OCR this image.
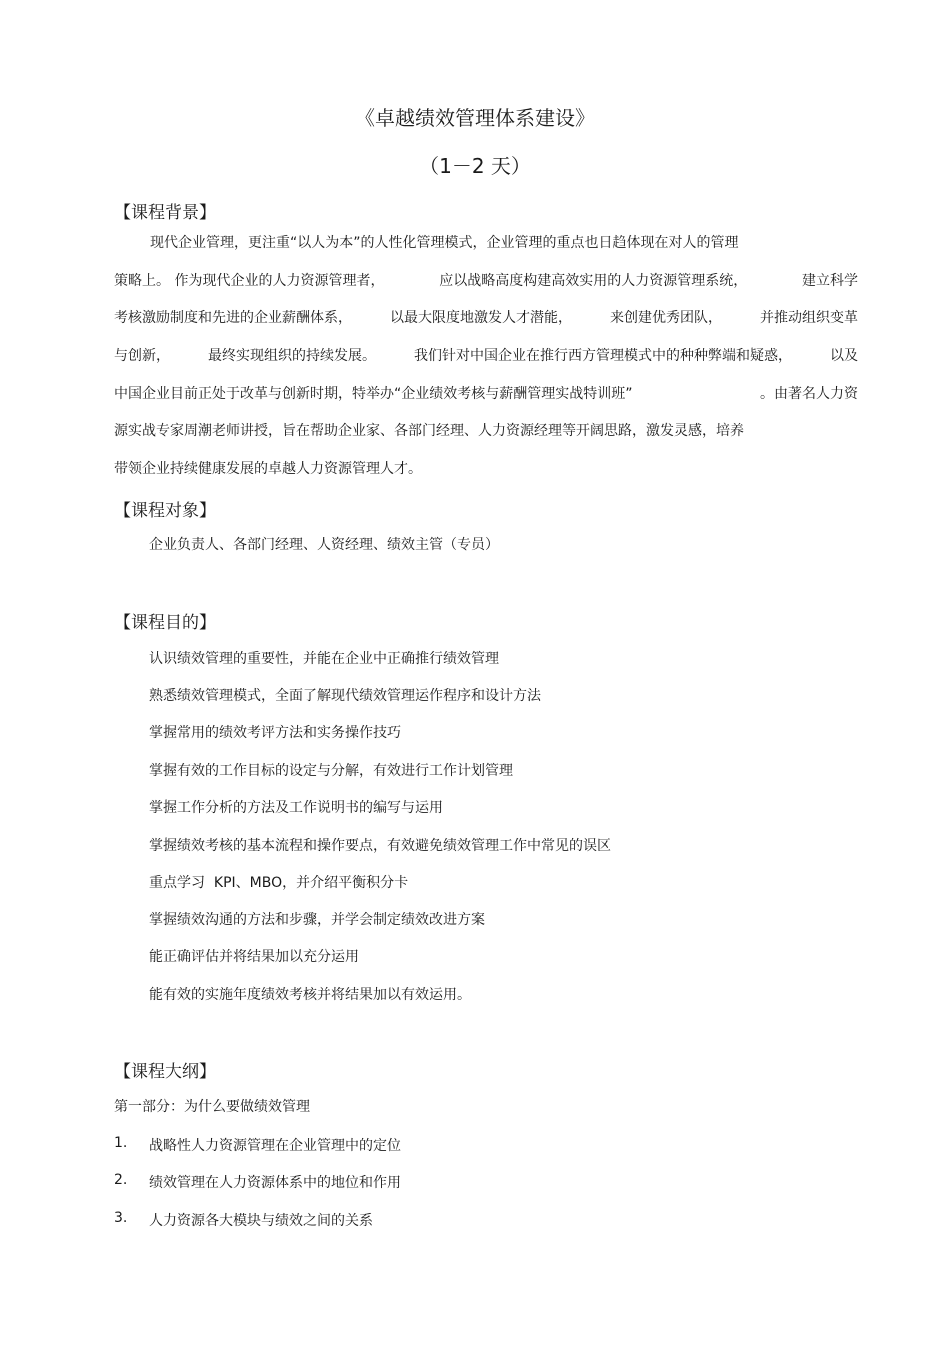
《卓越绩效管理体系建设》
（1－2 天）
【课程背景】
现代企业管理，更注重“以人为本”的人性化管理模式，企业管理的重点也日趋体现在对人的管理
策略上。 作为现代企业的人力资源管理者，	应以战略高度构建高效实用的人力资源管理系统，	建立科学
考核激励制度和先进的企业薪酬体系，	以最大限度地激发人才潜能，	来创建优秀团队，	并推动组织变革
与创新，	最终实现组织的持续发展。	我们针对中国企业在推行西方管理模式中的种种弊端和疑惑，	以及
中国企业目前正处于改革与创新时期，特举办“企业绩效考核与薪酬管理实战特训班”	。由著名人力资
源实战专家周潮老师讲授，旨在帮助企业家、各部门经理、人力资源经理等开阔思路，激发灵感，培养
带领企业持续健康发展的卓越人力资源管理人才。
【课程对象】
企业负责人、各部门经理、人资经理、绩效主管（专员）
【课程目的】
认识绩效管理的重要性，并能在企业中正确推行绩效管理
熟悉绩效管理模式，全面了解现代绩效管理运作程序和设计方法
掌握常用的绩效考评方法和实务操作技巧
掌握有效的工作目标的设定与分解，有效进行工作计划管理
掌握工作分析的方法及工作说明书的编写与运用
掌握绩效考核的基本流程和操作要点，有效避免绩效管理工作中常见的误区
重点学习  KPI、MBO，并介绍平衡积分卡
掌握绩效沟通的方法和步骤，并学会制定绩效改进方案
能正确评估并将结果加以充分运用
能有效的实施年度绩效考核并将结果加以有效运用。
【课程大纲】
第一部分：为什么要做绩效管理
1. 战略性人力资源管理在企业管理中的定位
2. 绩效管理在人力资源体系中的地位和作用
3. 人力资源各大模块与绩效之间的关系
